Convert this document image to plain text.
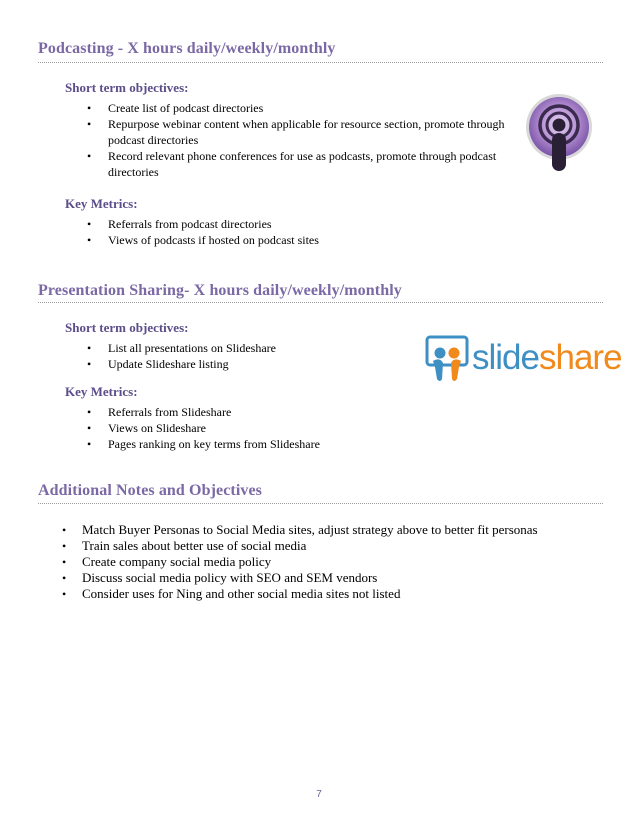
Podcasting - X hours daily/weekly/monthly
Short term objectives:
• Create list of podcast directories
• Repurpose webinar content when applicable for resource section, promote through podcast directories
• Record relevant phone conferences for use as podcasts, promote through podcast directories
Key Metrics:
• Referrals from podcast directories
• Views of podcasts if hosted on podcast sites
Presentation Sharing- X hours daily/weekly/monthly
Short term objectives:
• List all presentations on Slideshare
• Update Slideshare listing
Key Metrics:
• Referrals from Slideshare
• Views on Slideshare
• Pages ranking on key terms from Slideshare
slideshare
Additional Notes and Objectives
• Match Buyer Personas to Social Media sites, adjust strategy above to better fit personas
• Train sales about better use of social media
• Create company social media policy
• Discuss social media policy with SEO and SEM vendors
• Consider uses for Ning and other social media sites not listed
7
